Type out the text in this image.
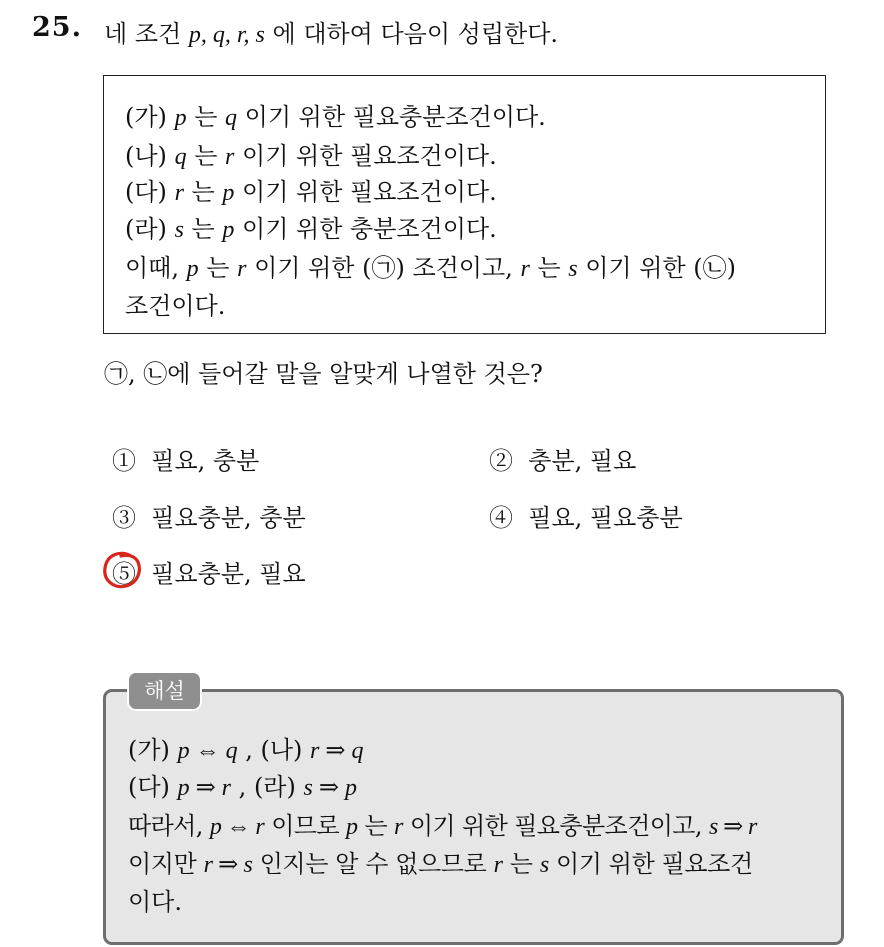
25. 네 조건 p, q, r, s 에 대하여 다음이 성립한다.
(가) p 는 q 이기 위한 필요충분조건이다.
(나) q 는 r 이기 위한 필요조건이다.
(다) r 는 p 이기 위한 필요조건이다.
(라) s 는 p 이기 위한 충분조건이다.
이때, p 는 r 이기 위한 (㉠) 조건이고, r 는 s 이기 위한 (㉡)
조건이다.
㉠, ㉡에 들어갈 말을 알맞게 나열한 것은?
① 필요, 충분	② 충분, 필요
③ 필요충분, 충분	④ 필요, 필요충분
⑤ 필요충분, 필요
(가) p ⇔ q , (나) r ⇒ q
(다) p ⇒ r , (라) s ⇒ p
따라서, p ⇔ r 이므로 p 는 r 이기 위한 필요충분조건이고, s ⇒ r
이지만 r ⇒ s 인지는 알 수 없으므로 r 는 s 이기 위한 필요조건
이다.
해설
